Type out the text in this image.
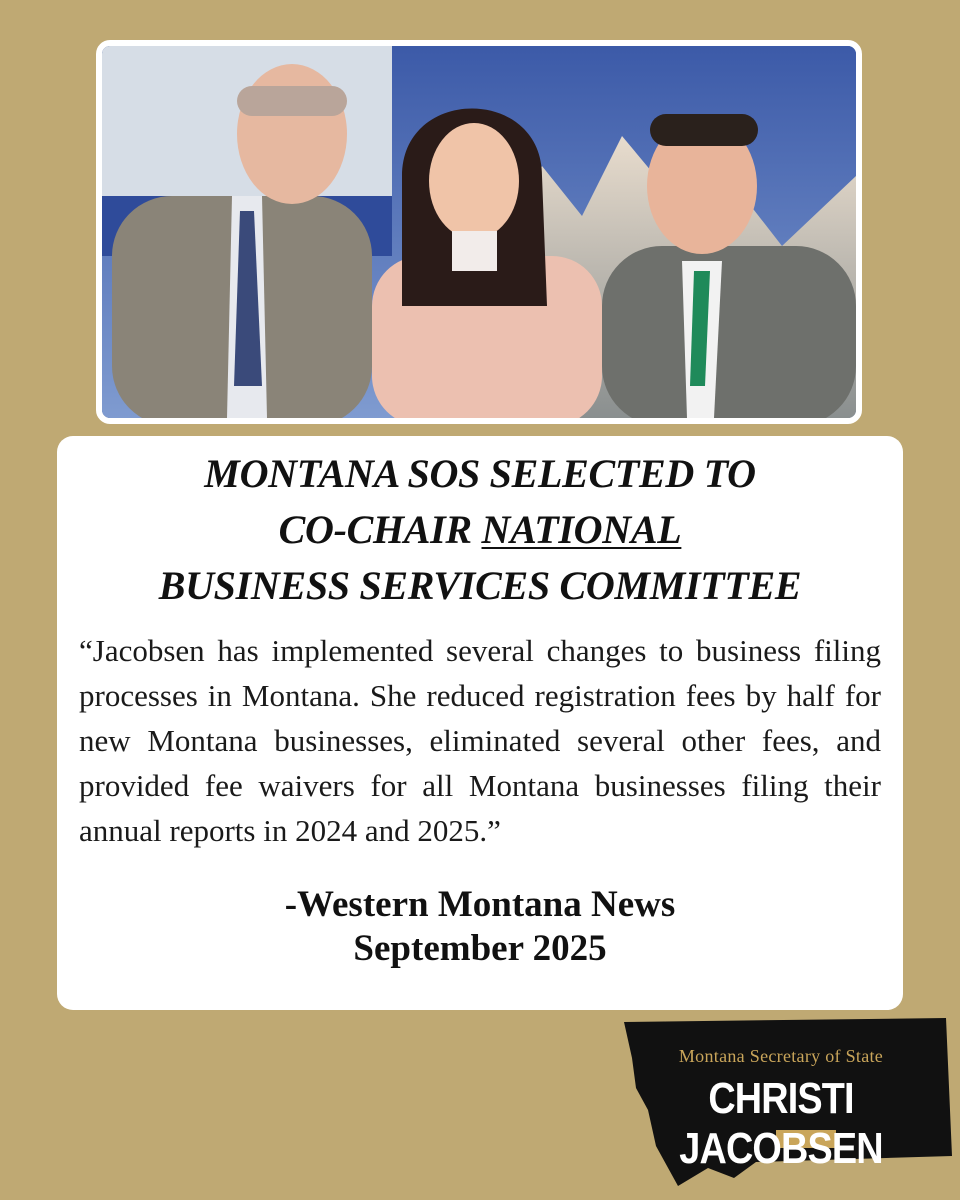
MONTANA SOS SELECTED TO
CO-CHAIR NATIONAL
BUSINESS SERVICES COMMITTEE

“Jacobsen has implemented several changes to business filing processes in Montana. She reduced registration fees by half for new Montana businesses, eliminated several other fees, and provided fee waivers for all Montana businesses filing their annual reports in 2024 and 2025.”

-Western Montana News
September 2025
Montana Secretary of State
CHRISTI JACOBSEN
